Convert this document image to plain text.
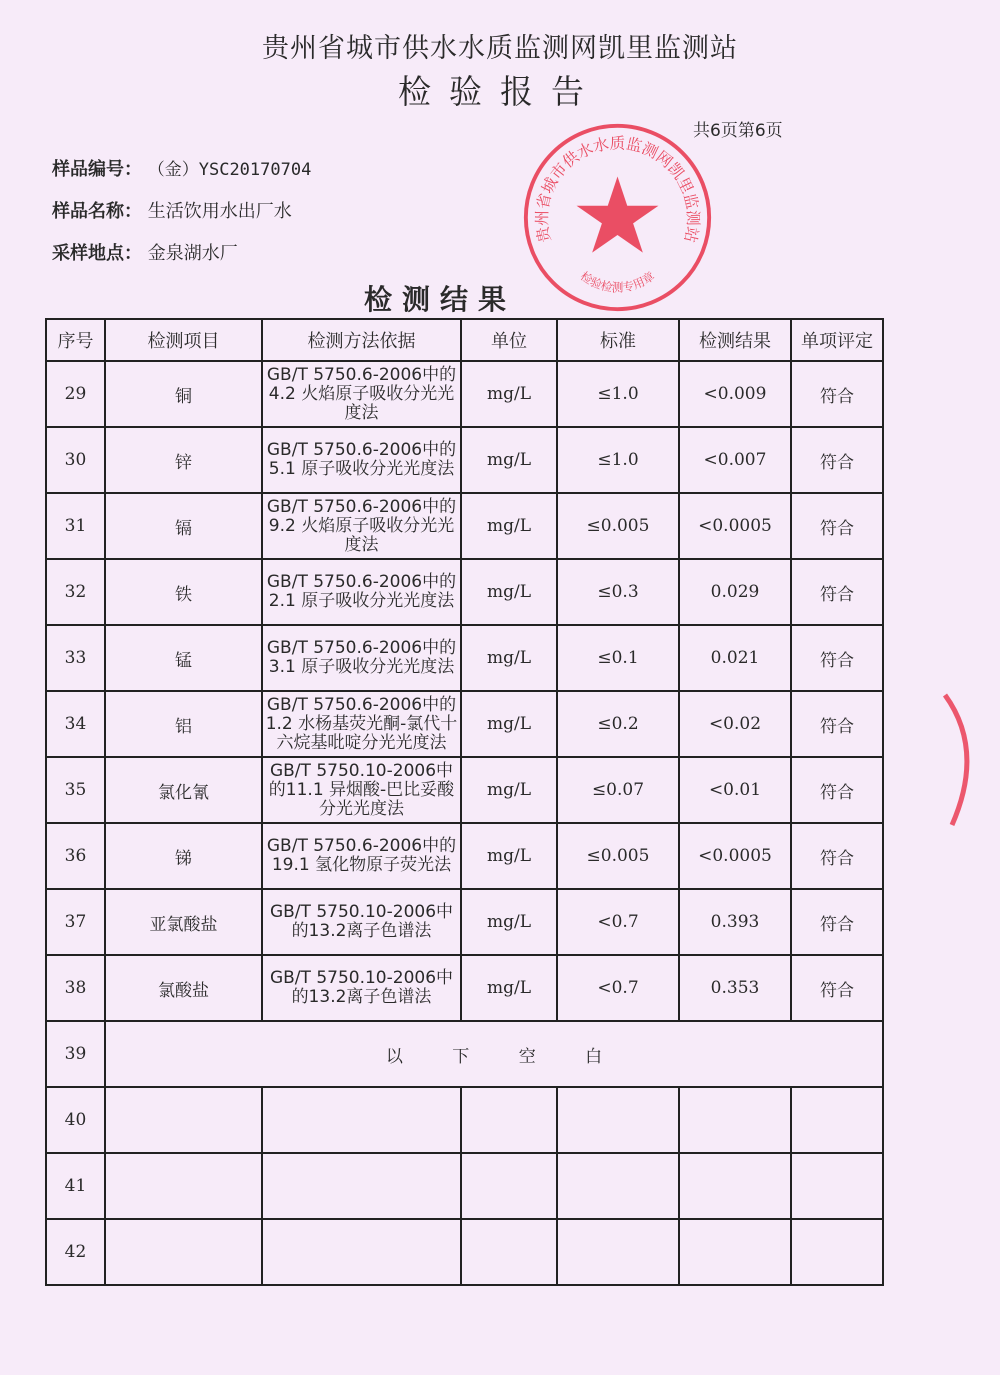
贵州省城市供水水质监测网凯里监测站
检验报告
共6页第6页
样品编号： （金）YSC20170704
样品名称： 生活饮用水出厂水
采样地点： 金泉湖水厂
贵州省城市供水水质监测网凯里监测站
检验检测专用章
检测结果
序号	检测项目	检测方法依据	单位	标准	检测结果	单项评定
29	铜	GB/T 5750.6-2006中的4.2 火焰原子吸收分光光度法	mg/L	≤1.0	<0.009	符合
30	锌	GB/T 5750.6-2006中的5.1 原子吸收分光光度法	mg/L	≤1.0	<0.007	符合
31	镉	GB/T 5750.6-2006中的9.2 火焰原子吸收分光光度法	mg/L	≤0.005	<0.0005	符合
32	铁	GB/T 5750.6-2006中的2.1 原子吸收分光光度法	mg/L	≤0.3	0.029	符合
33	锰	GB/T 5750.6-2006中的3.1 原子吸收分光光度法	mg/L	≤0.1	0.021	符合
34	铝	GB/T 5750.6-2006中的1.2 水杨基荧光酮-氯代十六烷基吡啶分光光度法	mg/L	≤0.2	<0.02	符合
35	氯化氰	GB/T 5750.10-2006中的11.1 异烟酸-巴比妥酸分光光度法	mg/L	≤0.07	<0.01	符合
36	锑	GB/T 5750.6-2006中的19.1 氢化物原子荧光法	mg/L	≤0.005	<0.0005	符合
37	亚氯酸盐	GB/T 5750.10-2006中的13.2离子色谱法	mg/L	<0.7	0.393	符合
38	氯酸盐	GB/T 5750.10-2006中的13.2离子色谱法	mg/L	<0.7	0.353	符合
39	以 下 空 白					
40						
41						
42						
